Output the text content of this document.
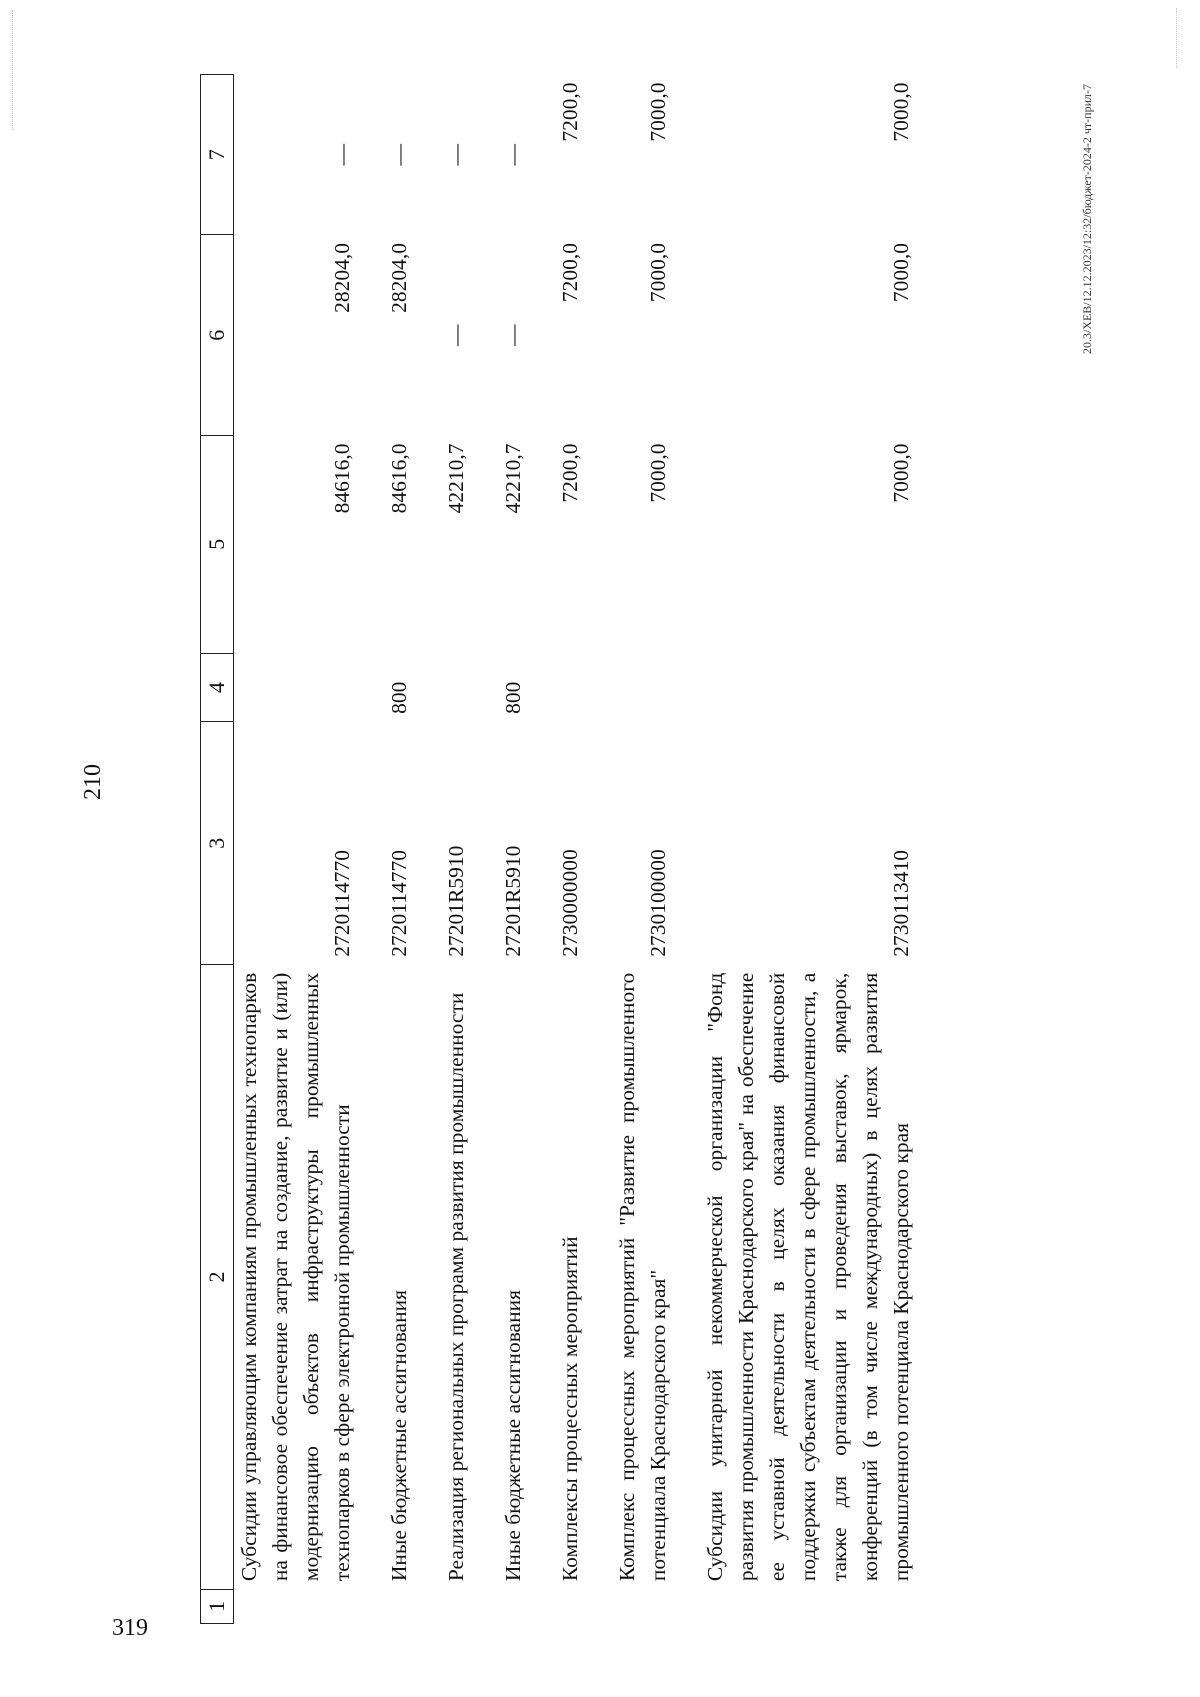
319
1	2	3	4	5	6	7
	Субсидии управляющим компаниям промышленных технопарков на финансовое обеспечение затрат на создание, развитие и (или) модернизацию объектов инфраструктуры промышленных технопарков в сфере электронной промышленности	2720114770		84616,0	28204,0	—

	Иные бюджетные ассигнования	2720114770	800	84616,0	28204,0	—

	Реализация региональных программ развития промышленности	27201R5910		42210,7	—	—

	Иные бюджетные ассигнования	27201R5910	800	42210,7	—	—

	Комплексы процессных мероприятий	2730000000		7200,0	7200,0	7200,0

	Комплекс процессных мероприятий "Развитие промышленного потенциала Краснодарского края"	2730100000		7000,0	7000,0	7000,0

	Субсидии унитарной некоммерческой организации "Фонд развития промышленности Краснодарского края" на обеспечение ее уставной деятельности в целях оказания финансовой поддержки субъектам деятельности в сфере промышленности, а также для организации и проведения выставок, ярмарок, конференций (в том числе международных) в целях развития промышленного потенциала Краснодарского края	2730113410		7000,0	7000,0	7000,0	20.3/ХЕВ/12.12.2023/12:32/бюджет-2024-2 чт-прил-7
210
